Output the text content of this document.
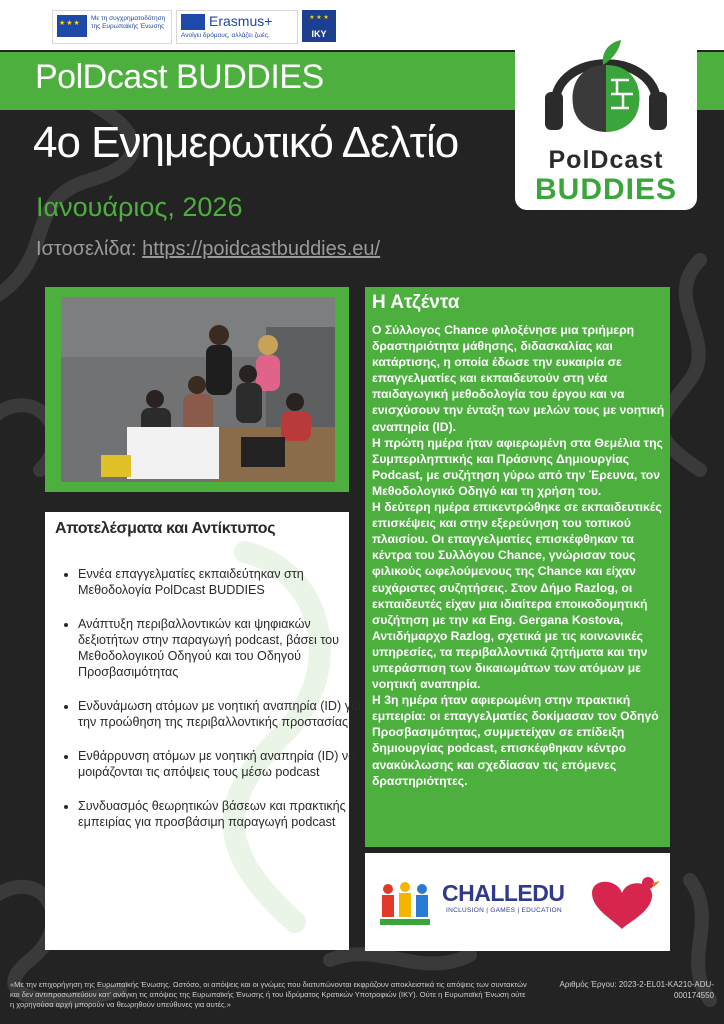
★★★
Με τη συγχρηματοδότηση της Ευρωπαϊκής Ένωσης	Erasmus+
Ανοίγει δρόμους, αλλάζει ζωές.
★ ★ ★
IKY
PolDcast BUDDIES
PolDcast
BUDDIES
4ο Ενημερωτικό Δελτίο
Ιανουάριος, 2026
Ιστοσελίδα: https://poidcastbuddies.eu/
Η Ατζέντα

Ο Σύλλογος Chance φιλοξένησε μια τριήμερη δραστηριότητα μάθησης, διδασκαλίας και κατάρτισης, η οποία έδωσε την ευκαιρία σε επαγγελματίες και εκπαιδευτούν στη νέα παιδαγωγική μεθοδολογία του έργου και να ενισχύσουν την ένταξη των μελών τους με νοητική αναπηρία (ID).

Η πρώτη ημέρα ήταν αφιερωμένη στα Θεμέλια της Συμπεριληπτικής και Πράσινης Δημιουργίας Podcast, με συζήτηση γύρω από την Έρευνα, τον Μεθοδολογικό Οδηγό και τη χρήση του.

Η δεύτερη ημέρα επικεντρώθηκε σε εκπαιδευτικές επισκέψεις και στην εξερεύνηση του τοπικού πλαισίου. Οι επαγγελματίες επισκέφθηκαν τα κέντρα του Συλλόγου Chance, γνώρισαν τους φιλικούς ωφελούμενους της Chance και είχαν ευχάριστες συζητήσεις. Στον Δήμο Razlog, οι εκπαιδευτές είχαν μια ιδιαίτερα εποικοδομητική συζήτηση με την κα Eng. Gergana Kostova, Αντιδήμαρχο Razlog, σχετικά με τις κοινωνικές υπηρεσίες, τα περιβαλλοντικά ζητήματα και την υπεράσπιση των δικαιωμάτων των ατόμων με νοητική αναπηρία.

Η 3η ημέρα ήταν αφιερωμένη στην πρακτική εμπειρία: οι επαγγελματίες δοκίμασαν τον Οδηγό Προσβασιμότητας, συμμετείχαν σε επίδειξη δημιουργίας podcast, επισκέφθηκαν κέντρο ανακύκλωσης και σχεδίασαν τις επόμενες δραστηριότητες.

Αποτελέσματα και Αντίκτυπος
• Εννέα επαγγελματίες εκπαιδεύτηκαν στη Μεθοδολογία PolDcast BUDDIES
• Ανάπτυξη περιβαλλοντικών και ψηφιακών δεξιοτήτων στην παραγωγή podcast, βάσει του Μεθοδολογικού Οδηγού και του Οδηγού Προσβασιμότητας
• Ενδυνάμωση ατόμων με νοητική αναπηρία (ID) για την προώθηση της περιβαλλοντικής προστασίας
• Ενθάρρυνση ατόμων με νοητική αναπηρία (ID) να μοιράζονται τις απόψεις τους μέσω podcast
• Συνδυασμός θεωρητικών βάσεων και πρακτικής εμπειρίας για προσβάσιμη παραγωγή podcast
CHALLEDU
INCLUSION | GAMES | EDUCATION
«Με την επιχορήγηση της Ευρωπαϊκής Ένωσης. Ωστόσο, οι απόψεις και οι γνώμες που διατυπώνονται εκφράζουν αποκλειστικά τις απόψεις των συντακτών και δεν αντιπροσωπεύουν κατ' ανάγκη τις απόψεις της Ευρωπαϊκής Ένωσης ή του Ιδρύματος Κρατικών Υποτροφιών (ΙΚΥ). Ούτε η Ευρωπαϊκή Ένωση ούτε η χορηγούσα αρχή μπορούν να θεωρηθούν υπεύθυνες για αυτές.»
Αριθμός Έργου: 2023-2-EL01-KA210-ADU-000174550
